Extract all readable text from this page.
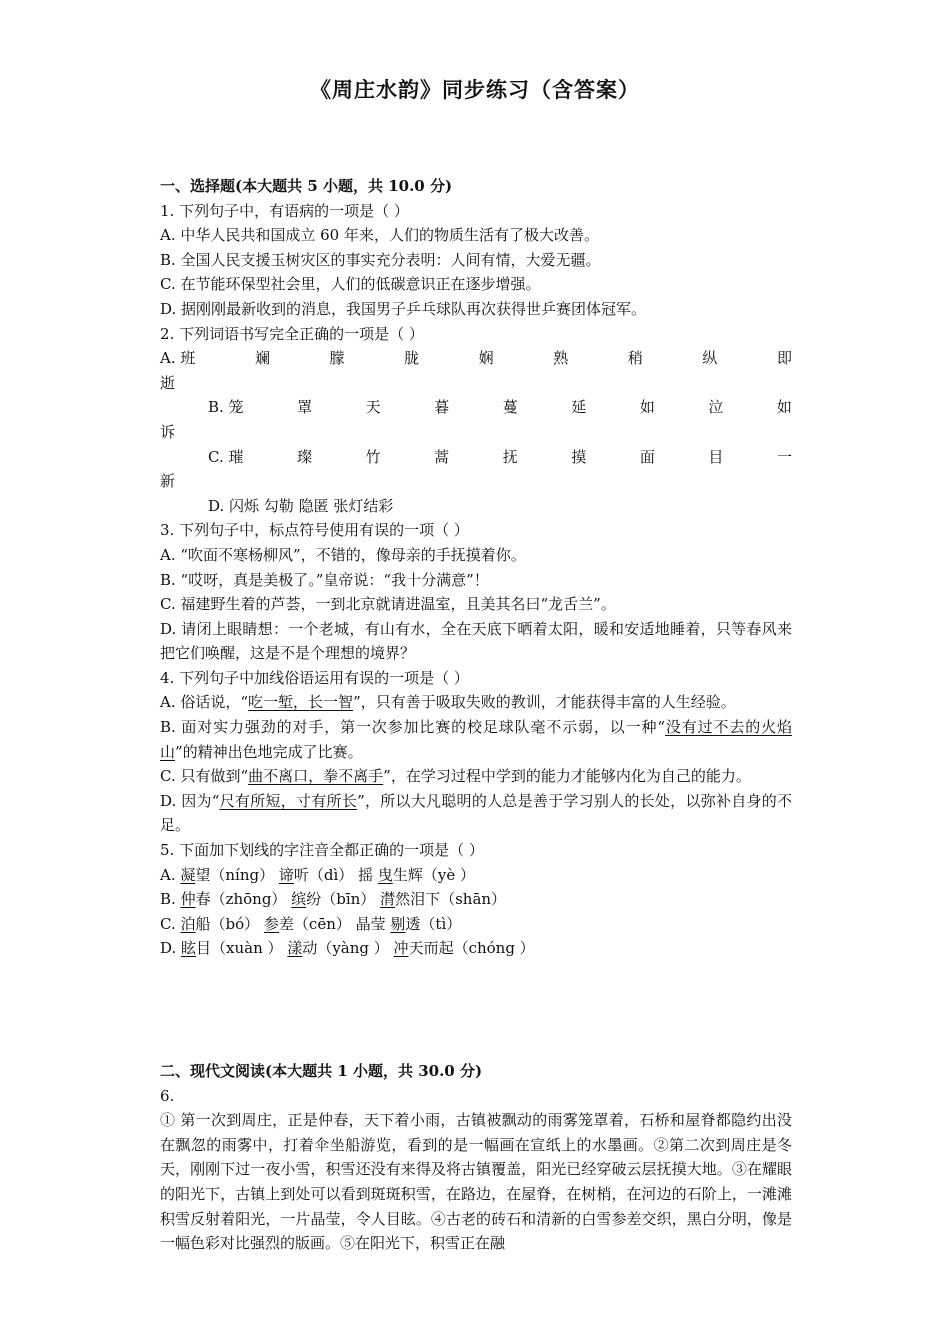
《周庄水韵》同步练习（含答案）
一、选择题(本大题共 5 小题，共 10.0 分)
1. 下列句子中，有语病的一项是（ ）
A. 中华人民共和国成立 60 年来，人们的物质生活有了极大改善。
B. 全国人民支援玉树灾区的事实充分表明：人间有情，大爱无疆。
C. 在节能环保型社会里，人们的低碳意识正在逐步增强。
D. 据刚刚最新收到的消息，我国男子乒乓球队再次获得世乒赛团体冠军。
2. 下列词语书写完全正确的一项是（ ）
A. 班	斓	朦	胧	娴	熟	稍	纵	即
逝
B. 笼	罩	天	暮	蔓	延	如	泣	如
诉
C. 璀	璨	竹	蒿	抚	摸	面	目	一
新
D. 闪烁 勾勒 隐匿 张灯结彩
3. 下列句子中，标点符号使用有误的一项（ ）
A. “吹面不寒杨柳风”，不错的，像母亲的手抚摸着你。
B. “哎呀，真是美极了。”皇帝说：“我十分满意”！
C. 福建野生着的芦荟，一到北京就请进温室，且美其名曰“龙舌兰”。
D. 请闭上眼睛想：一个老城，有山有水，全在天底下晒着太阳，暖和安适地睡着，只等春风来把它们唤醒，这是不是个理想的境界？
4. 下列句子中加线俗语运用有误的一项是（ ）
A. 俗话说，“吃一堑，长一智”，只有善于吸取失败的教训，才能获得丰富的人生经验。
B. 面对实力强劲的对手，第一次参加比赛的校足球队毫不示弱，以一种“没有过不去的火焰山”的精神出色地完成了比赛。
C. 只有做到“曲不离口，拳不离手”，在学习过程中学到的能力才能够内化为自己的能力。
D. 因为“尺有所短，寸有所长”，所以大凡聪明的人总是善于学习别人的长处，以弥补自身的不足。
5. 下面加下划线的字注音全都正确的一项是（ ）
A. 凝望（níng） 谛听（dì） 摇 曳生辉（yè ）
B. 仲春（zhōng） 缤纷（bīn） 潸然泪下（shān）
C. 泊船（bó） 参差（cēn） 晶莹 剔透（tì）
D. 眩目（xuàn ） 漾动（yàng ） 冲天而起（chóng ）
二、现代文阅读(本大题共 1 小题，共 30.0 分)
6.
① 第一次到周庄，正是仲春，天下着小雨，古镇被飘动的雨雾笼罩着，石桥和屋脊都隐约出没在飘忽的雨雾中，打着伞坐船游览，看到的是一幅画在宣纸上的水墨画。②第二次到周庄是冬天，刚刚下过一夜小雪，积雪还没有来得及将古镇覆盖，阳光已经穿破云层抚摸大地。③在耀眼的阳光下，古镇上到处可以看到斑斑积雪，在路边，在屋脊，在树梢，在河边的石阶上，一滩滩积雪反射着阳光，一片晶莹，令人目眩。④古老的砖石和清新的白雪参差交织，黑白分明，像是一幅色彩对比强烈的版画。⑤在阳光下，积雪正在融
